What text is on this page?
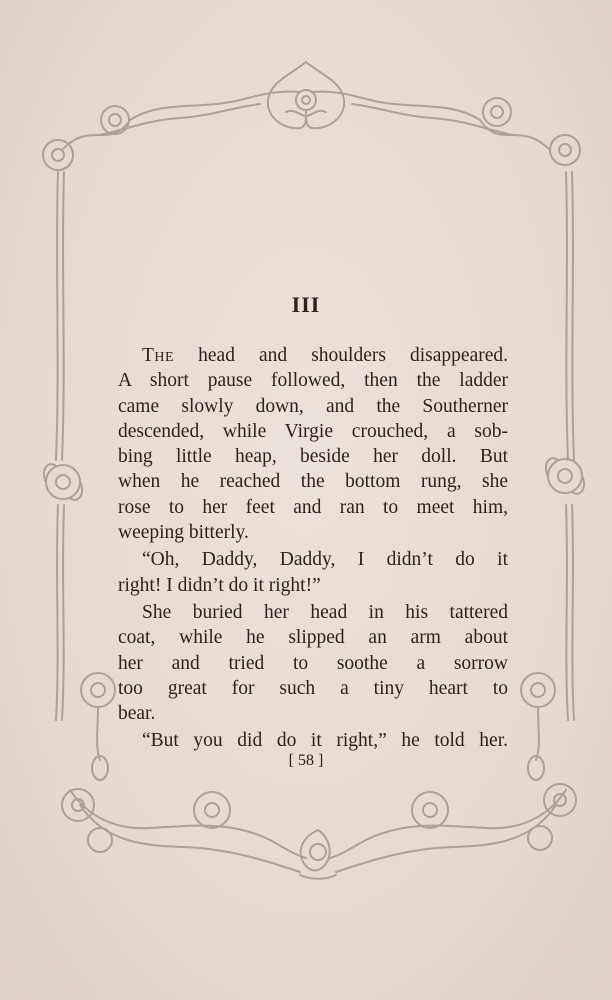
III
The head and shoulders disappeared.
A short pause followed, then the ladder
came slowly down, and the Southerner
descended, while Virgie crouched, a sob-
bing little heap, beside her doll. But
when he reached the bottom rung, she
rose to her feet and ran to meet him,
weeping bitterly.
“Oh, Daddy, Daddy, I didn’t do it
right! I didn’t do it right!”
She buried her head in his tattered
coat, while he slipped an arm about
her and tried to soothe a sorrow
too great for such a tiny heart to
bear.
“But you did do it right,” he told her.
[ 58 ]
